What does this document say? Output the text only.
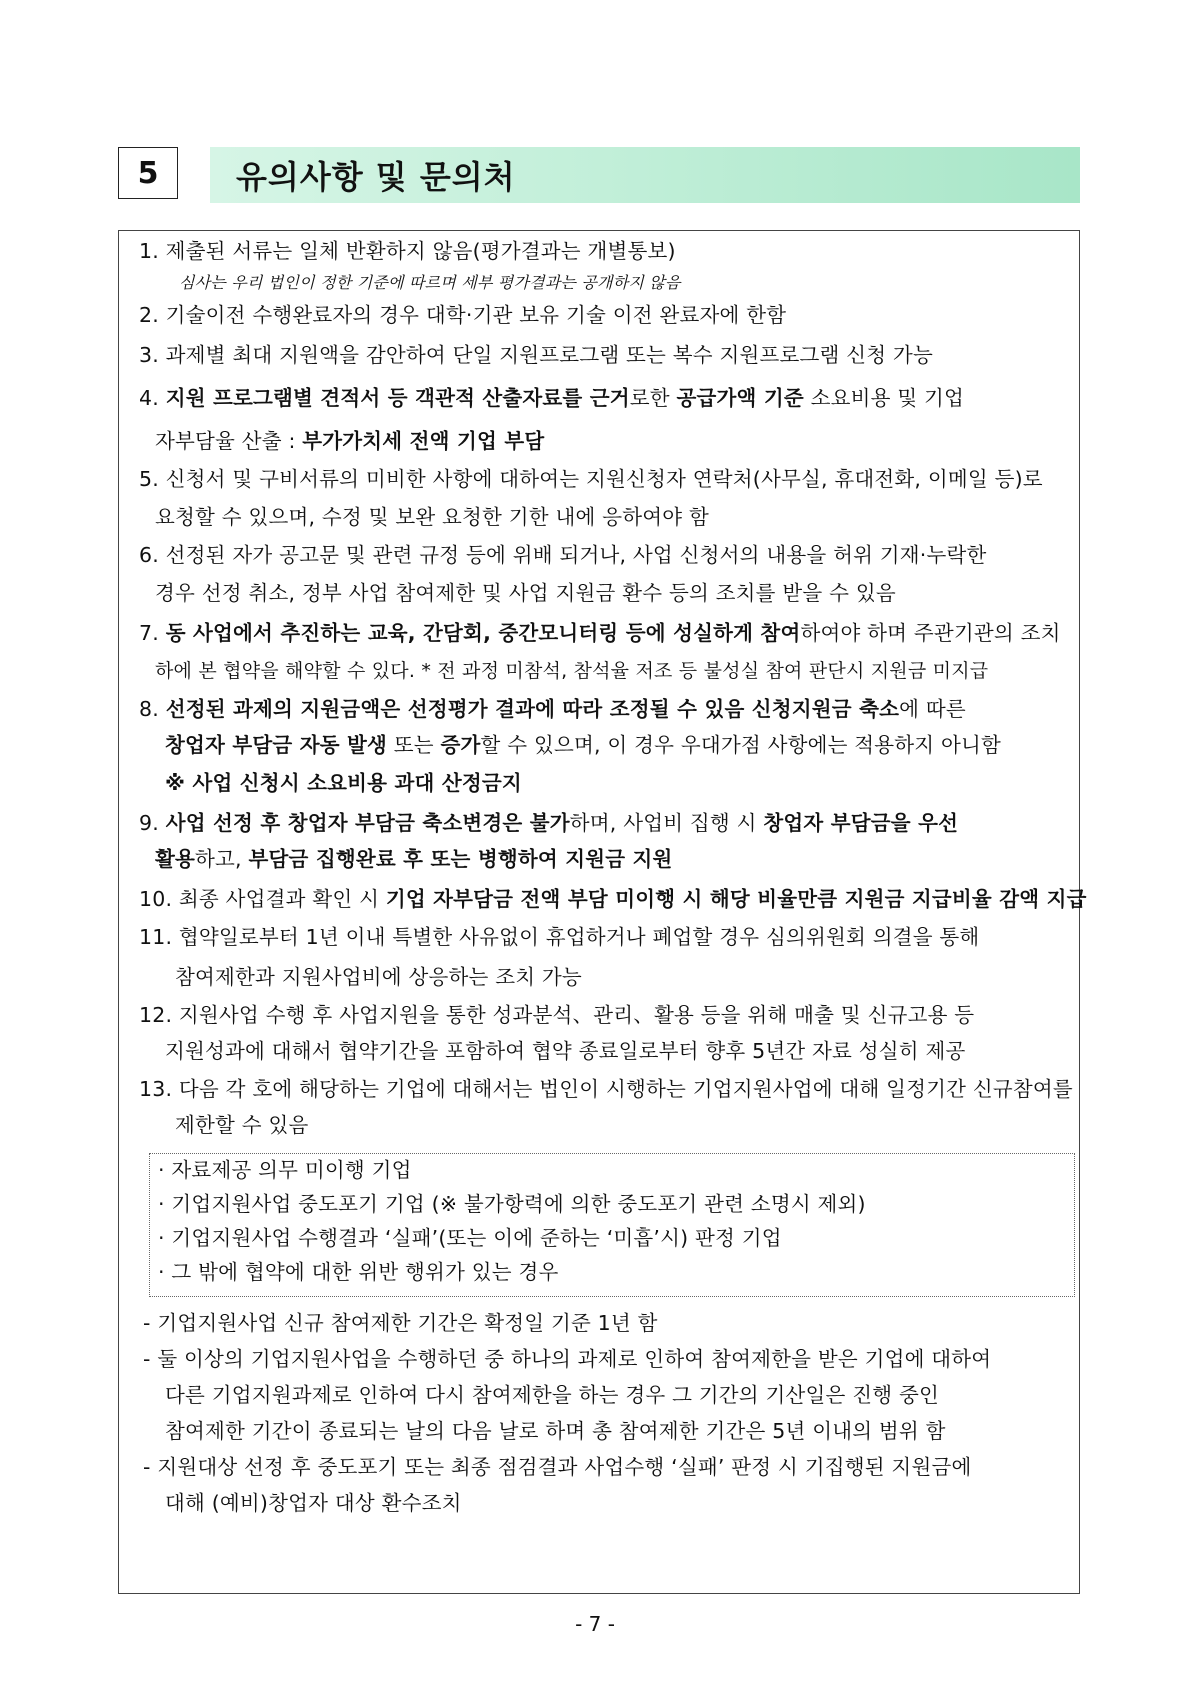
5	유의사항 및 문의처
1. 제출된 서류는 일체 반환하지 않음(평가결과는 개별통보)
심사는 우리 법인이 정한 기준에 따르며 세부 평가결과는 공개하지 않음
2. 기술이전 수행완료자의 경우 대학·기관 보유 기술 이전 완료자에 한함
3. 과제별 최대 지원액을 감안하여 단일 지원프로그램 또는 복수 지원프로그램 신청 가능
4. 지원 프로그램별 견적서 등 객관적 산출자료를 근거로한 공급가액 기준 소요비용 및 기업
자부담율 산출 : 부가가치세 전액 기업 부담
5. 신청서 및 구비서류의 미비한 사항에 대하여는 지원신청자 연락처(사무실, 휴대전화, 이메일 등)로
요청할 수 있으며, 수정 및 보완 요청한 기한 내에 응하여야 함
6. 선정된 자가 공고문 및 관련 규정 등에 위배 되거나, 사업 신청서의 내용을 허위 기재·누락한
경우 선정 취소, 정부 사업 참여제한 및 사업 지원금 환수 등의 조치를 받을 수 있음
7. 동 사업에서 추진하는 교육, 간담회, 중간모니터링 등에 성실하게 참여하여야 하며 주관기관의 조치
하에 본 협약을 해약할 수 있다. * 전 과정 미참석, 참석율 저조 등 불성실 참여 판단시 지원금 미지급
8. 선정된 과제의 지원금액은 선정평가 결과에 따라 조정될 수 있음 신청지원금 축소에 따른
창업자 부담금 자동 발생 또는 증가할 수 있으며, 이 경우 우대가점 사항에는 적용하지 아니함
※ 사업 신청시 소요비용 과대 산정금지
9. 사업 선정 후 창업자 부담금 축소변경은 불가하며, 사업비 집행 시 창업자 부담금을 우선
활용하고, 부담금 집행완료 후 또는 병행하여 지원금 지원
10. 최종 사업결과 확인 시 기업 자부담금 전액 부담 미이행 시 해당 비율만큼 지원금 지급비율 감액 지급
11. 협약일로부터 1년 이내 특별한 사유없이 휴업하거나 폐업할 경우 심의위원회 의결을 통해
참여제한과 지원사업비에 상응하는 조치 가능
12. 지원사업 수행 후 사업지원을 통한 성과분석、관리、활용 등을 위해 매출 및 신규고용 등
지원성과에 대해서 협약기간을 포함하여 협약 종료일로부터 향후 5년간 자료 성실히 제공
13. 다음 각 호에 해당하는 기업에 대해서는 법인이 시행하는 기업지원사업에 대해 일정기간 신규참여를
제한할 수 있음
· 자료제공 의무 미이행 기업
· 기업지원사업 중도포기 기업 (※ 불가항력에 의한 중도포기 관련 소명시 제외)
· 기업지원사업 수행결과 ‘실패’(또는 이에 준하는 ‘미흡’시) 판정 기업
· 그 밖에 협약에 대한 위반 행위가 있는 경우
- 기업지원사업 신규 참여제한 기간은 확정일 기준 1년 함
- 둘 이상의 기업지원사업을 수행하던 중 하나의 과제로 인하여 참여제한을 받은 기업에 대하여
다른 기업지원과제로 인하여 다시 참여제한을 하는 경우 그 기간의 기산일은 진행 중인
참여제한 기간이 종료되는 날의 다음 날로 하며 총 참여제한 기간은 5년 이내의 범위 함
- 지원대상 선정 후 중도포기 또는 최종 점검결과 사업수행 ‘실패’ 판정 시 기집행된 지원금에
대해 (예비)창업자 대상 환수조치
- 7 -
